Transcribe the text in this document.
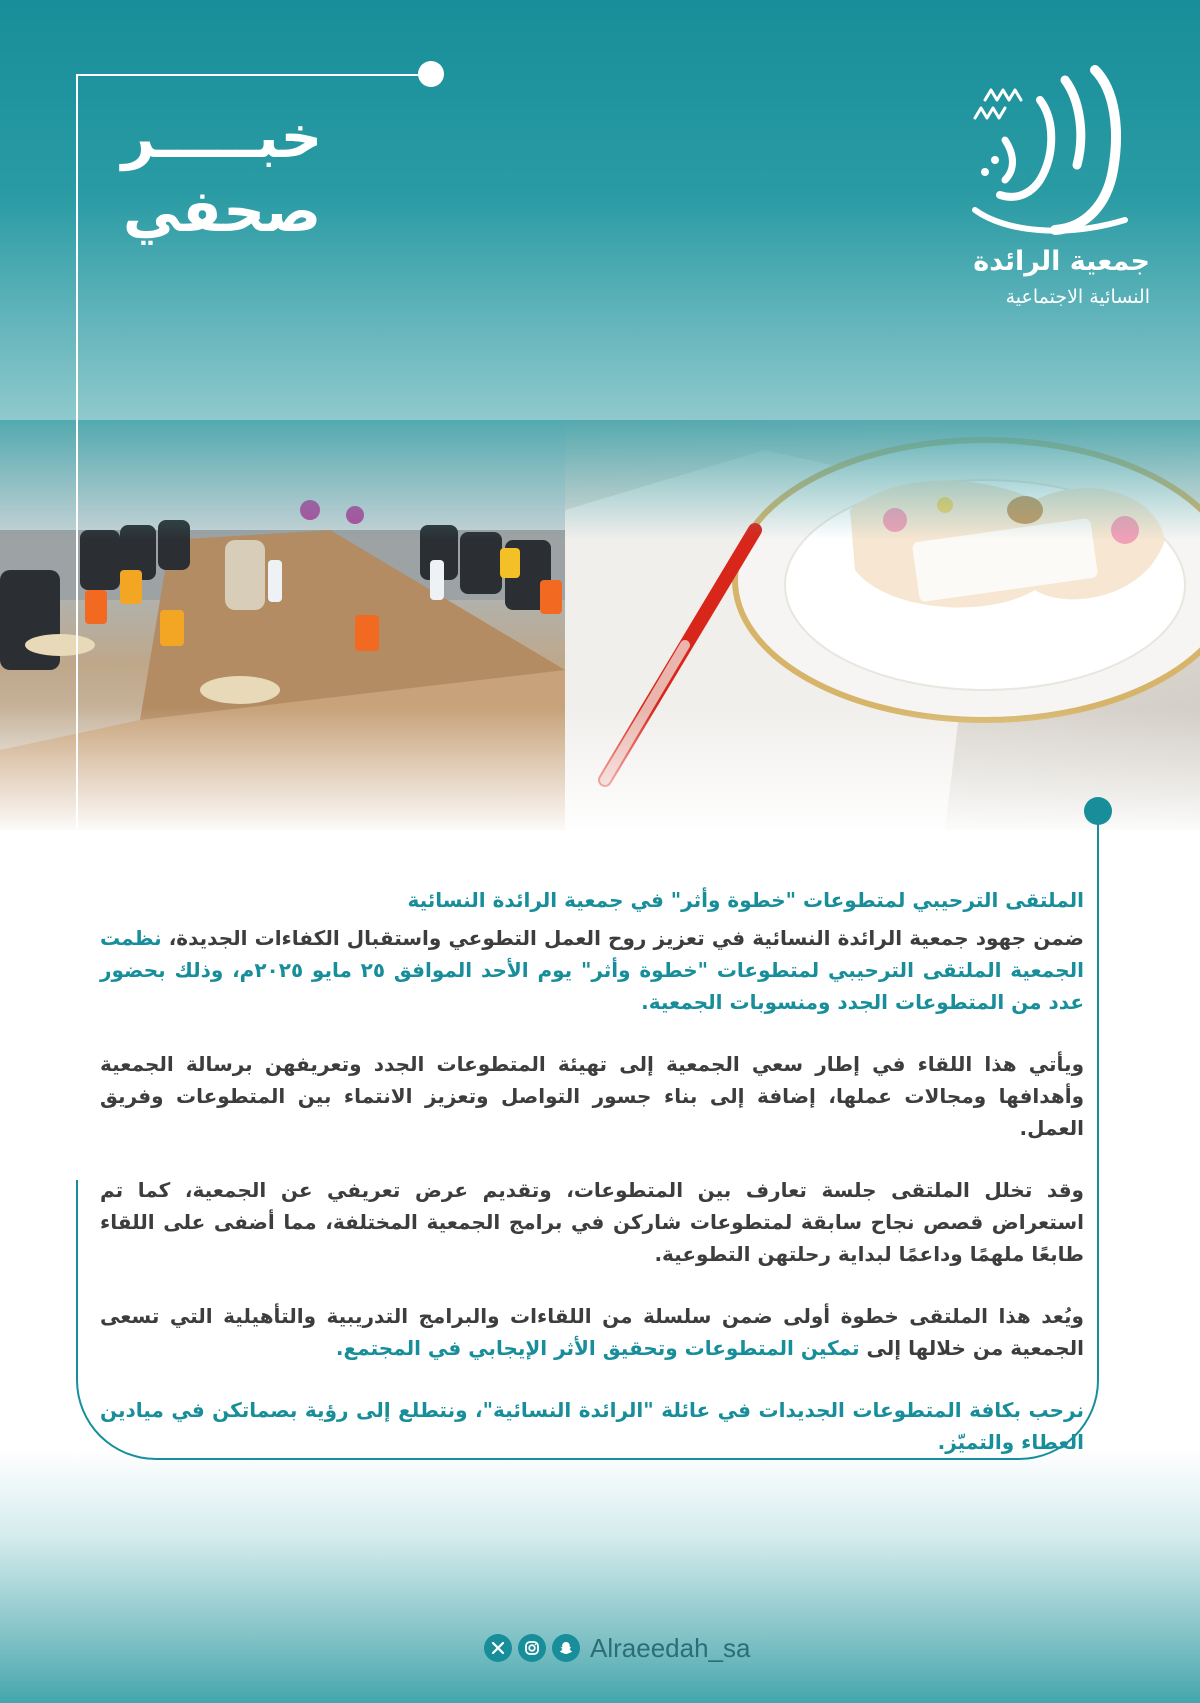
خبـــــر
صحفي
جمعية الرائدة
النسائية الاجتماعية

الملتقى الترحيبي لمتطوعات "خطوة وأثر" في جمعية الرائدة النسائية

ضمن جهود جمعية الرائدة النسائية في تعزيز روح العمل التطوعي واستقبال الكفاءات الجديدة، نظمت الجمعية الملتقى الترحيبي لمتطوعات "خطوة وأثر" يوم الأحد الموافق ٢٥ مايو ٢٠٢٥م، وذلك بحضور عدد من المتطوعات الجدد ومنسوبات الجمعية.

ويأتي هذا اللقاء في إطار سعي الجمعية إلى تهيئة المتطوعات الجدد وتعريفهن برسالة الجمعية وأهدافها ومجالات عملها، إضافة إلى بناء جسور التواصل وتعزيز الانتماء بين المتطوعات وفريق العمل.

وقد تخلل الملتقى جلسة تعارف بين المتطوعات، وتقديم عرض تعريفي عن الجمعية، كما تم استعراض قصص نجاح سابقة لمتطوعات شاركن في برامج الجمعية المختلفة، مما أضفى على اللقاء طابعًا ملهمًا وداعمًا لبداية رحلتهن التطوعية.

ويُعد هذا الملتقى خطوة أولى ضمن سلسلة من اللقاءات والبرامج التدريبية والتأهيلية التي تسعى الجمعية من خلالها إلى تمكين المتطوعات وتحقيق الأثر الإيجابي في المجتمع.

نرحب بكافة المتطوعات الجديدات في عائلة "الرائدة النسائية"، ونتطلع إلى رؤية بصماتكن في ميادين العطاء والتميّز.

Alraeedah_sa
